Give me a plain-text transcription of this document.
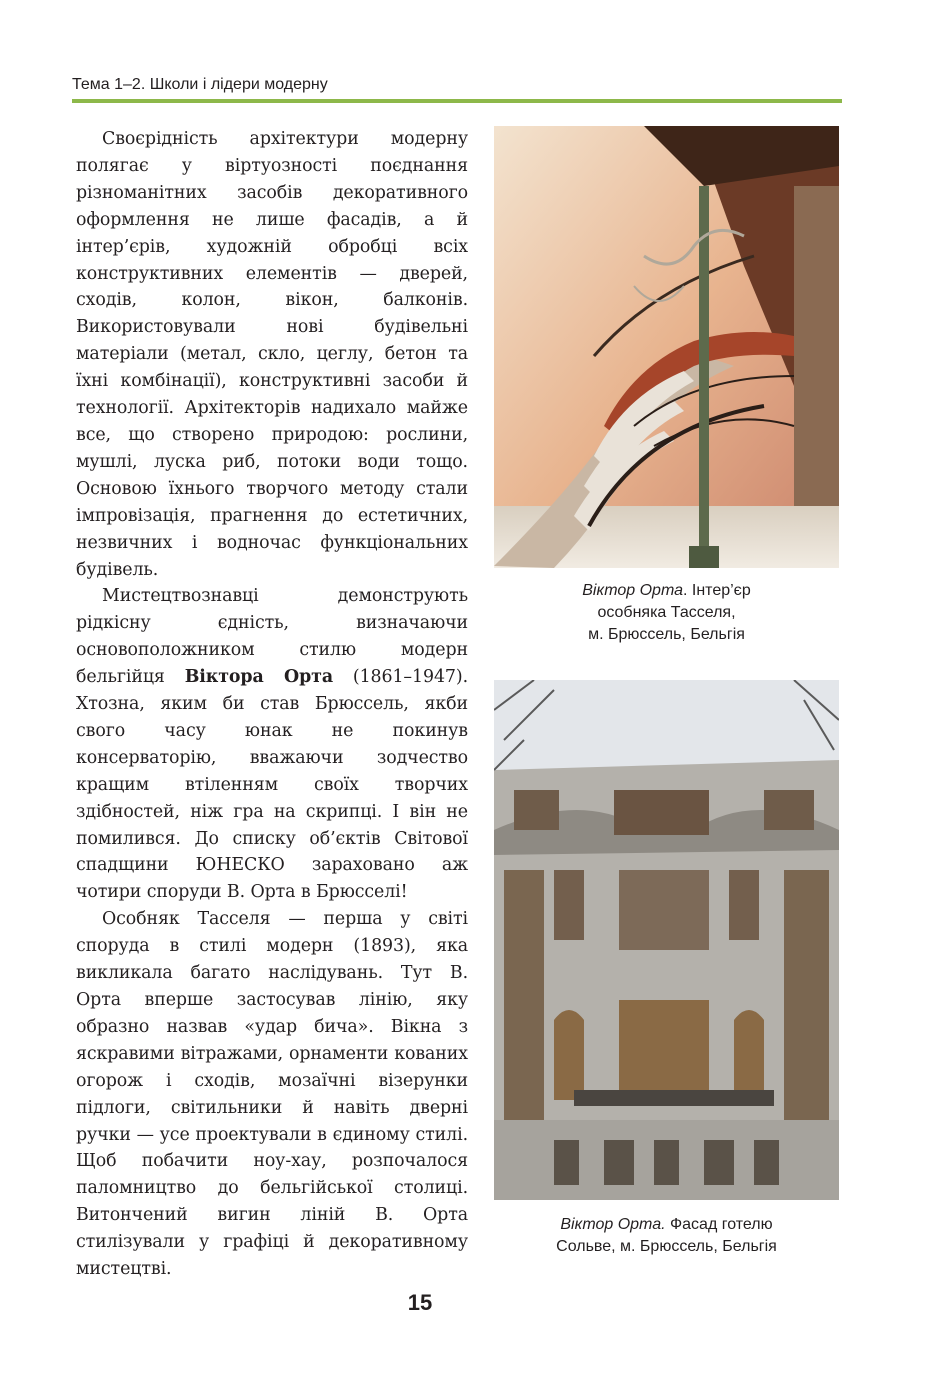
Тема 1–2. Школи і лідери модерну

Своєрідність архітектури модерну полягає у віртуозності поєднання різноманітних засобів декоративного оформлення не лише фасадів, а й інтер’єрів, художній обробці всіх конструктивних елементів — дверей, сходів, колон, вікон, балконів. Використовували нові будівельні матеріали (метал, скло, цеглу, бетон та їхні комбінації), конструктивні засоби й технології. Архітекторів надихало майже все, що створено природою: рослини, мушлі, луска риб, потоки води тощо. Основою їхнього творчого методу стали імпровізація, прагнення до естетичних, незвичних і водночас функціональних будівель.

Мистецтвознавці демонструють рідкісну єдність, визначаючи основоположником стилю модерн бельгійця Віктора Орта (1861–1947). Хтозна, яким би став Брюссель, якби свого часу юнак не покинув консерваторію, вважаючи зодчество кращим втіленням своїх творчих здібностей, ніж гра на скрипці. І він не помилився. До списку об’єктів Світової спадщини ЮНЕСКО зараховано аж чотири споруди В. Орта в Брюсселі!

Особняк Тасселя — перша у світі споруда в стилі модерн (1893), яка викликала багато наслідувань. Тут В. Орта вперше застосував лінію, яку образно назвав «удар бича». Вікна з яскравими вітражами, орнаменти кованих огорож і сходів, мозаїчні візерунки підлоги, світильники й навіть дверні ручки — усе проектували в єдиному стилі. Щоб побачити ноу-хау, розпочалося паломництво до бельгійської столиці. Витончений вигин ліній В. Орта стилізували у графіці й декоративному мистецтві.

Віктор Орта. Інтер’єр
особняка Тасселя,
м. Брюссель, Бельгія
Віктор Орта. Фасад готелю
Сольве, м. Брюссель, Бельгія
15
